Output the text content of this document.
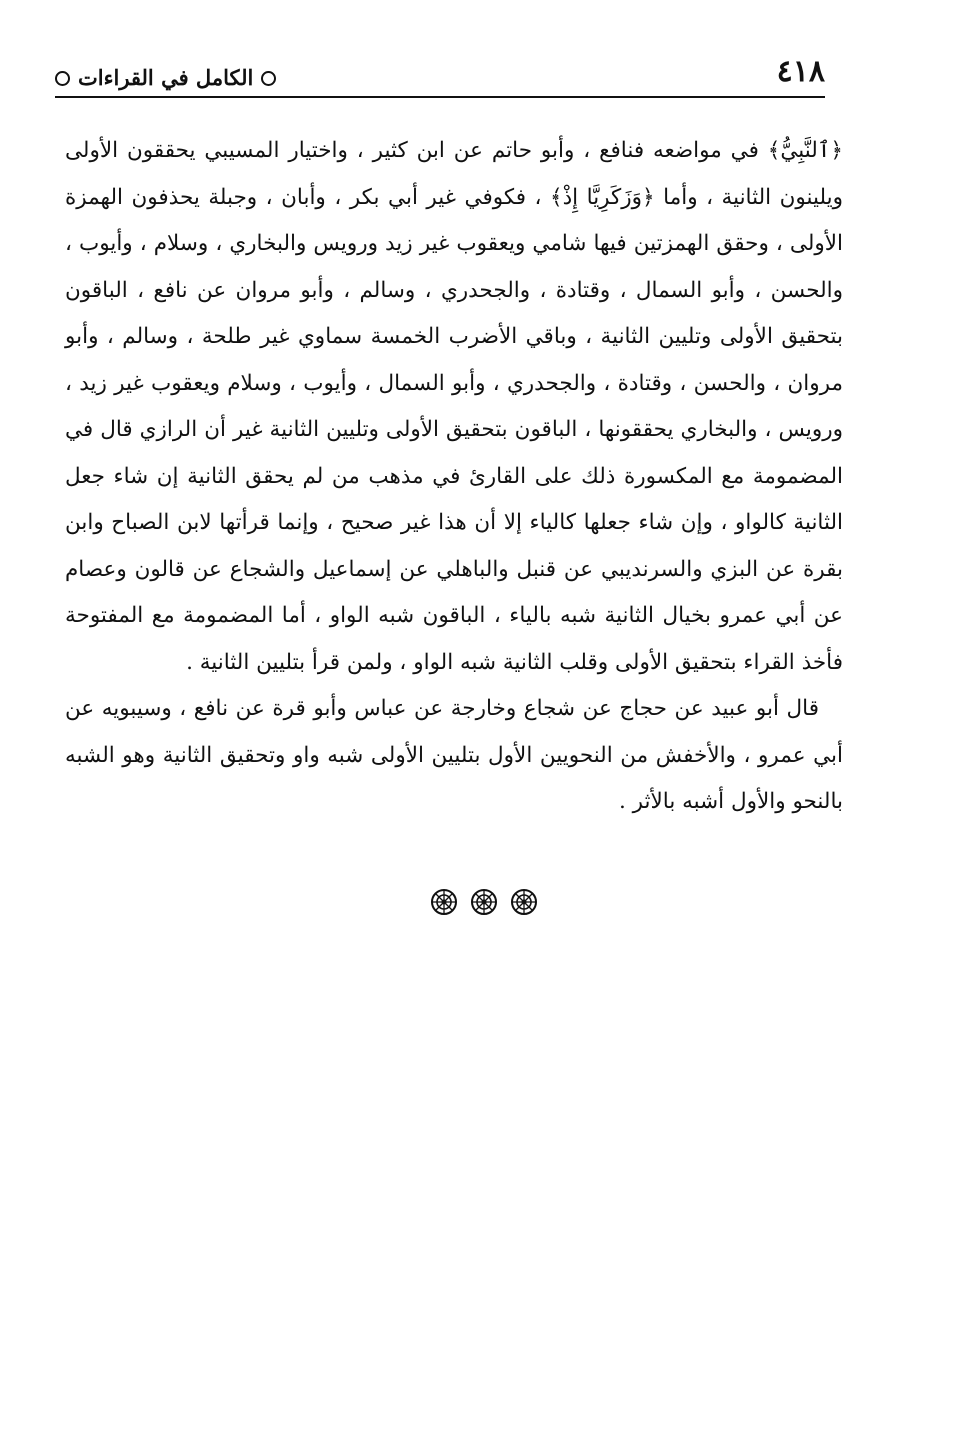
٤١٨
الكامل في القراءات

﴿ٱلنَّبِيُّ﴾ في مواضعه فنافع ، وأبو حاتم عن ابن كثير ، واختيار المسيبي يحققون الأولى ويلينون الثانية ، وأما ﴿وَزَكَرِيَّا إِذْ﴾ ، فكوفي غير أبي بكر ، وأبان ، وجبلة يحذفون الهمزة الأولى ، وحقق الهمزتين فيها شامي ويعقوب غير زيد ورويس والبخاري ، وسلام ، وأيوب ، والحسن ، وأبو السمال ، وقتادة ، والجحدري ، وسالم ، وأبو مروان عن نافع ، الباقون بتحقيق الأولى وتليين الثانية ، وباقي الأضرب الخمسة سماوي غير طلحة ، وسالم ، وأبو مروان ، والحسن ، وقتادة ، والجحدري ، وأبو السمال ، وأيوب ، وسلام ويعقوب غير زيد ، ورويس ، والبخاري يحققونها ، الباقون بتحقيق الأولى وتليين الثانية غير أن الرازي قال في المضمومة مع المكسورة ذلك على القارئ في مذهب من لم يحقق الثانية إن شاء جعل الثانية كالواو ، وإن شاء جعلها كالياء إلا أن هذا غير صحيح ، وإنما قرأتها لابن الصباح وابن بقرة عن البزي والسرنديبي عن قنبل والباهلي عن إسماعيل والشجاع عن قالون وعصام عن أبي عمرو بخيال الثانية شبه بالياء ، الباقون شبه الواو ، أما المضمومة مع المفتوحة فأخذ القراء بتحقيق الأولى وقلب الثانية شبه الواو ، ولمن قرأ بتليين الثانية .

قال أبو عبيد عن حجاج عن شجاع وخارجة عن عباس وأبو قرة عن نافع ، وسيبويه عن أبي عمرو ، والأخفش من النحويين الأول بتليين الأولى شبه واو وتحقيق الثانية وهو الشبه بالنحو والأول أشبه بالأثر .
